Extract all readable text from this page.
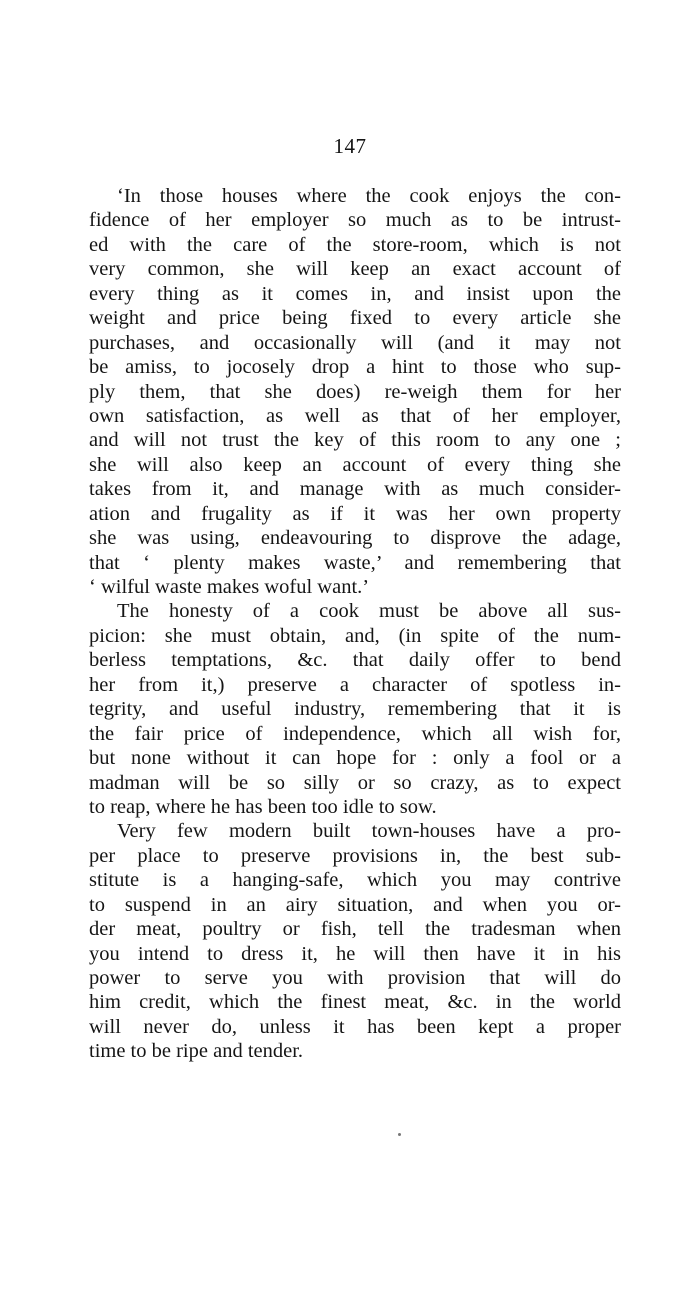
147
‘In those houses where the cook enjoys the con-
fidence of her employer so much as to be intrust-
ed with the care of the store-room, which is not
very common, she will keep an exact account of
every thing as it comes in, and insist upon the
weight and price being fixed to every article she
purchases, and occasionally will (and it may not
be amiss, to jocosely drop a hint to those who sup-
ply them, that she does) re-weigh them for her
own satisfaction, as well as that of her employer,
and will not trust the key of this room to any one ;
she will also keep an account of every thing she
takes from it, and manage with as much consider-
ation and frugality as if it was her own property
she was using, endeavouring to disprove the adage,
that ‘ plenty makes waste,’ and remembering that
‘ wilful waste makes woful want.’
The honesty of a cook must be above all sus-
picion: she must obtain, and, (in spite of the num-
berless temptations, &c. that daily offer to bend
her from it,) preserve a character of spotless in-
tegrity, and useful industry, remembering that it is
the fair price of independence, which all wish for,
but none without it can hope for : only a fool or a
madman will be so silly or so crazy, as to expect
to reap, where he has been too idle to sow.
Very few modern built town-houses have a pro-
per place to preserve provisions in, the best sub-
stitute is a hanging-safe, which you may contrive
to suspend in an airy situation, and when you or-
der meat, poultry or fish, tell the tradesman when
you intend to dress it, he will then have it in his
power to serve you with provision that will do
him credit, which the finest meat, &c. in the world
will never do, unless it has been kept a proper
time to be ripe and tender.
